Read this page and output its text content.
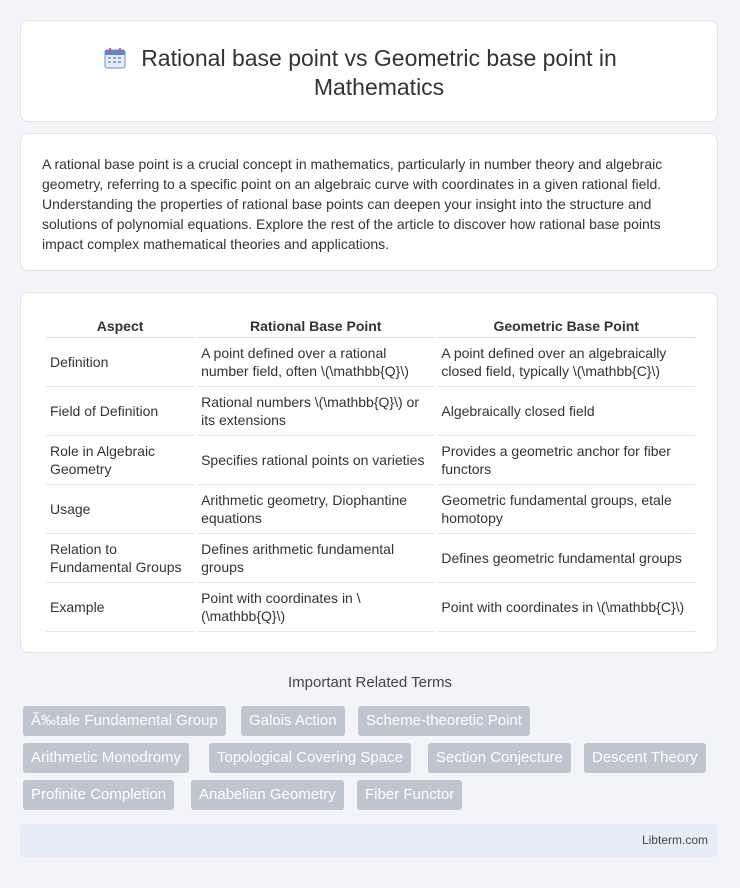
Rational base point vs Geometric base point in Mathematics

A rational base point is a crucial concept in mathematics, particularly in number theory and algebraic geometry, referring to a specific point on an algebraic curve with coordinates in a given rational field. Understanding the properties of rational base points can deepen your insight into the structure and solutions of polynomial equations. Explore the rest of the article to discover how rational base points impact complex mathematical theories and applications.

Aspect	Rational Base Point	Geometric Base Point
Definition	A point defined over a rational number field, often \(\mathbb{Q}\)	A point defined over an algebraically closed field, typically \(\mathbb{C}\)
Field of Definition	Rational numbers \(\mathbb{Q}\) or its extensions	Algebraically closed field
Role in Algebraic Geometry	Specifies rational points on varieties	Provides a geometric anchor for fiber functors
Usage	Arithmetic geometry, Diophantine equations	Geometric fundamental groups, etale homotopy
Relation to Fundamental Groups	Defines arithmetic fundamental groups	Defines geometric fundamental groups
Example	Point with coordinates in \(\mathbb{Q}\)	Point with coordinates in \(\mathbb{C}\)
Important Related Terms
Ã‰tale Fundamental Group	Galois Action	Scheme-theoretic Point
Arithmetic Monodromy	Topological Covering Space	Section Conjecture	Descent Theory
Profinite Completion	Anabelian Geometry	Fiber Functor
Libterm.com
